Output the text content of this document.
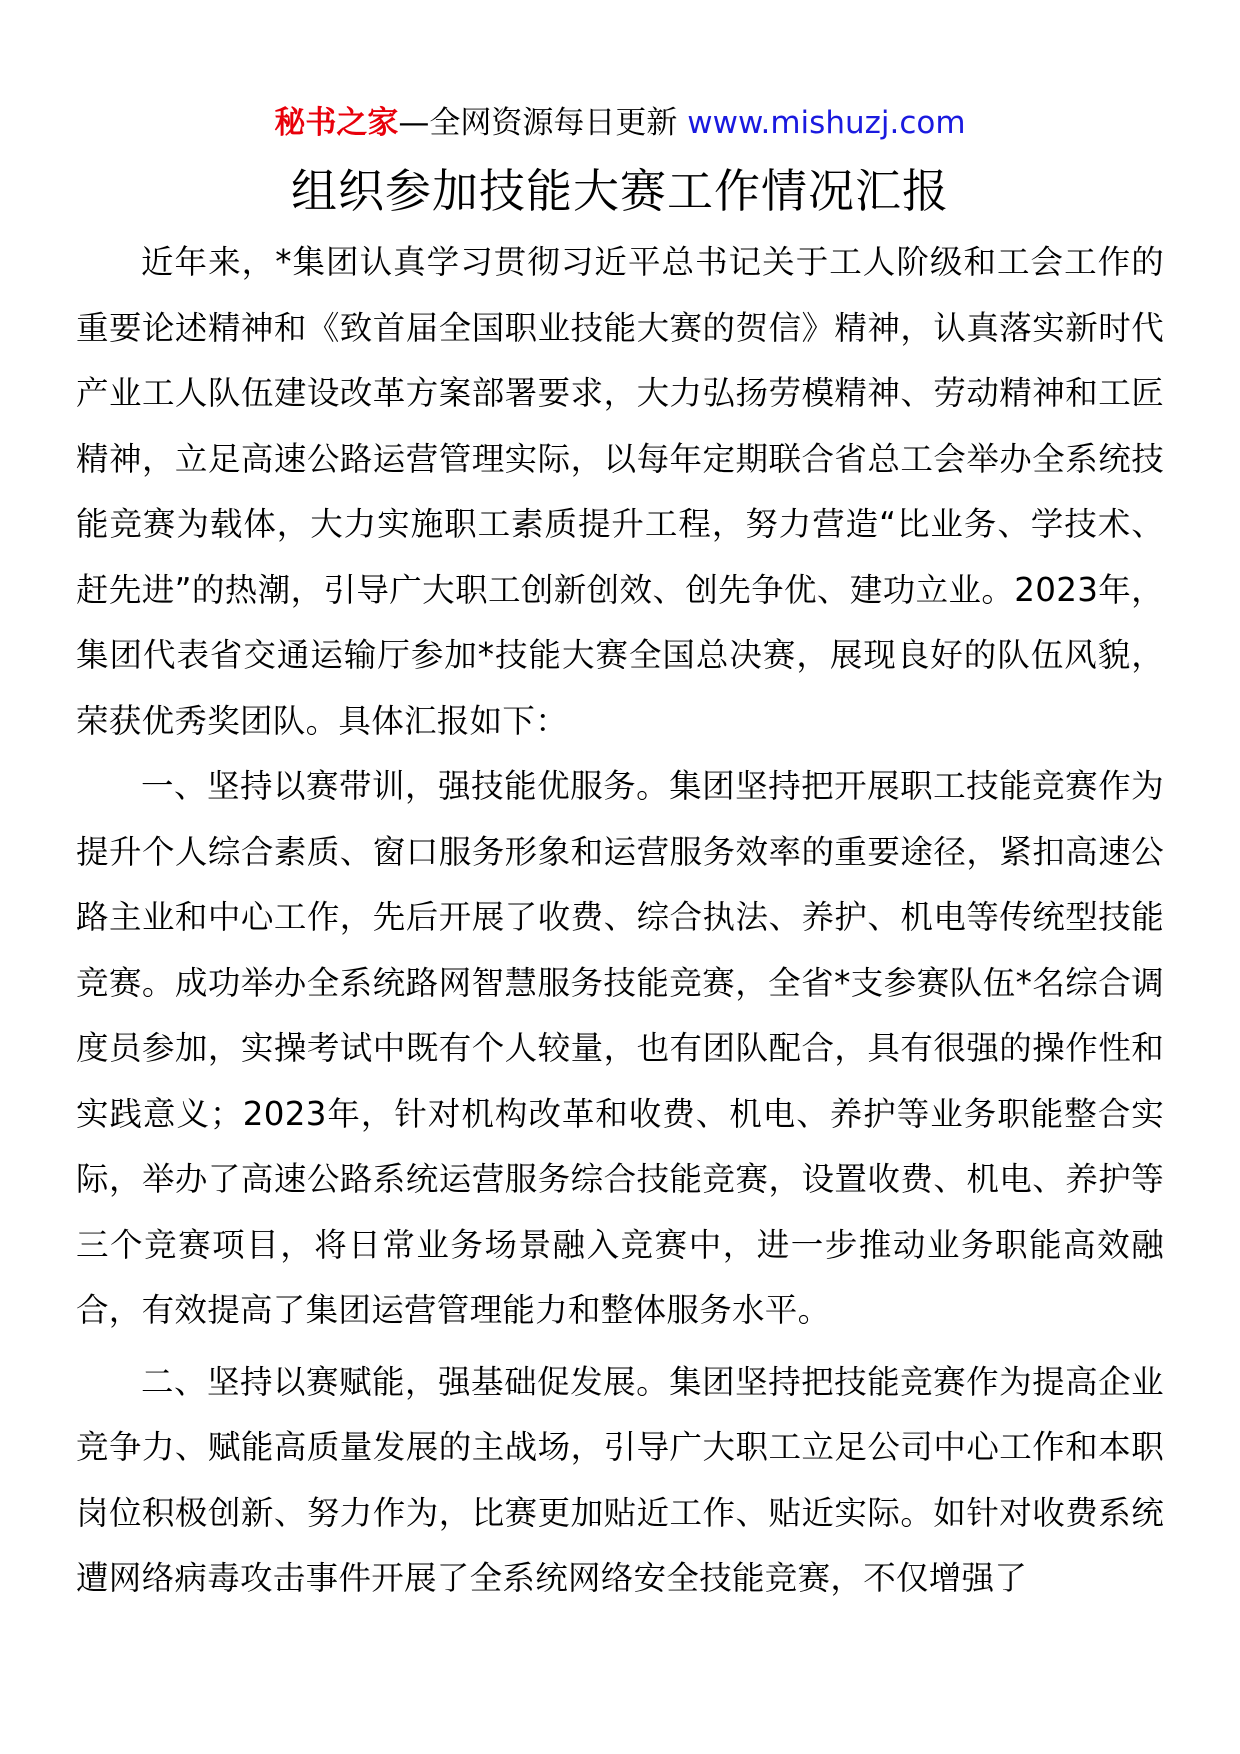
秘书之家—全网资源每日更新 www.mishuzj.com
组织参加技能大赛工作情况汇报

近年来，*集团认真学习贯彻习近平总书记关于工人阶级和工会工作的重要论述精神和《致首届全国职业技能大赛的贺信》精神，认真落实新时代产业工人队伍建设改革方案部署要求，大力弘扬劳模精神、劳动精神和工匠精神，立足高速公路运营管理实际，以每年定期联合省总工会举办全系统技能竞赛为载体，大力实施职工素质提升工程，努力营造“比业务、学技术、赶先进”的热潮，引导广大职工创新创效、创先争优、建功立业。2023年，集团代表省交通运输厅参加*技能大赛全国总决赛，展现良好的队伍风貌，荣获优秀奖团队。具体汇报如下：

一、坚持以赛带训，强技能优服务。集团坚持把开展职工技能竞赛作为提升个人综合素质、窗口服务形象和运营服务效率的重要途径，紧扣高速公路主业和中心工作，先后开展了收费、综合执法、养护、机电等传统型技能竞赛。成功举办全系统路网智慧服务技能竞赛，全省*支参赛队伍*名综合调度员参加，实操考试中既有个人较量，也有团队配合，具有很强的操作性和实践意义；2023年，针对机构改革和收费、机电、养护等业务职能整合实际，举办了高速公路系统运营服务综合技能竞赛，设置收费、机电、养护等三个竞赛项目，将日常业务场景融入竞赛中，进一步推动业务职能高效融合，有效提高了集团运营管理能力和整体服务水平。

二、坚持以赛赋能，强基础促发展。集团坚持把技能竞赛作为提高企业竞争力、赋能高质量发展的主战场，引导广大职工立足公司中心工作和本职岗位积极创新、努力作为，比赛更加贴近工作、贴近实际。如针对收费系统遭网络病毒攻击事件开展了全系统网络安全技能竞赛，不仅增强了
